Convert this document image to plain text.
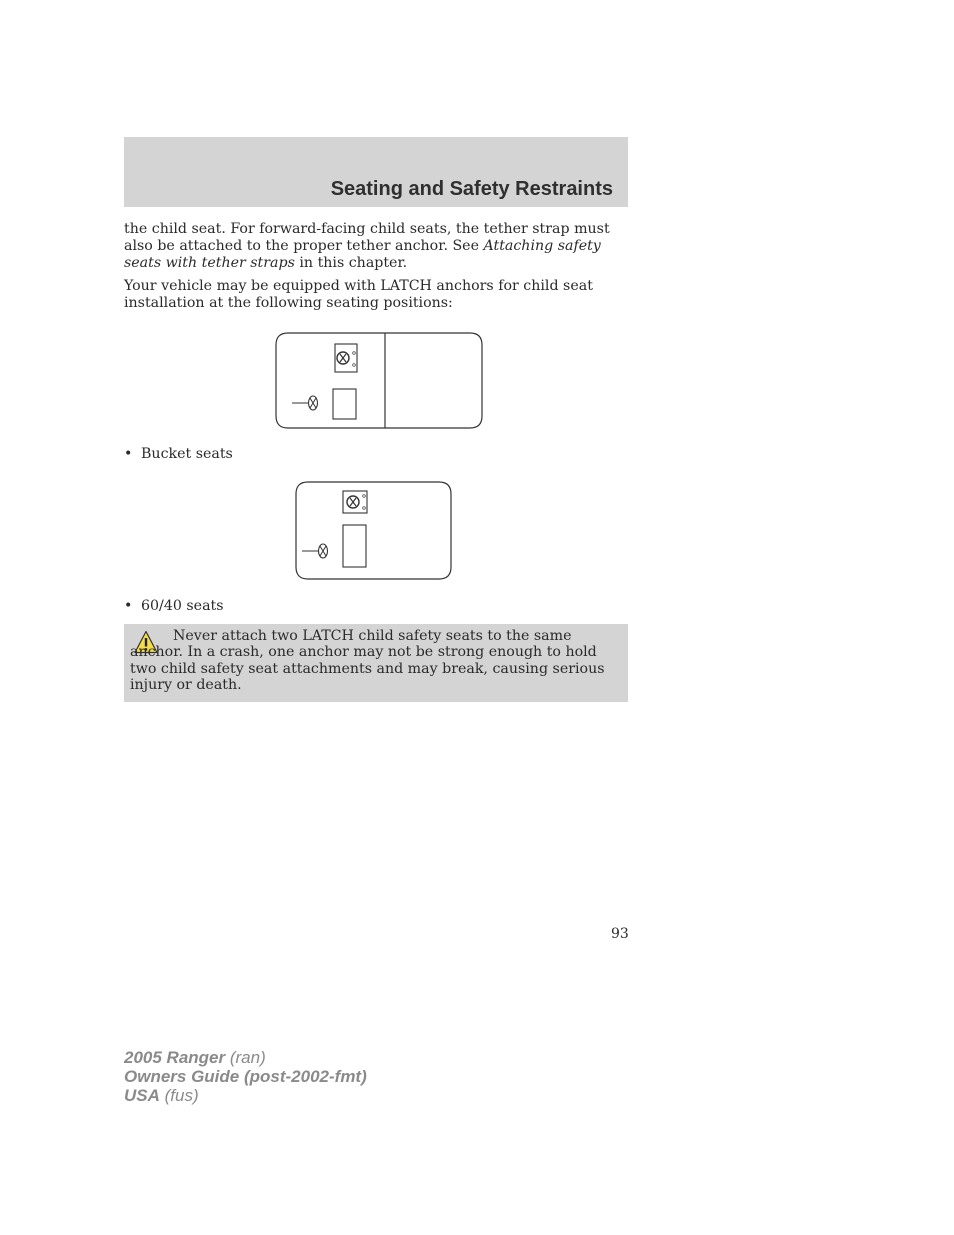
Seating and Safety Restraints

the child seat. For forward-facing child seats, the tether strap must also be attached to the proper tether anchor. See Attaching safety seats with tether straps in this chapter.

Your vehicle may be equipped with LATCH anchors for child seat installation at the following seating positions:

• Bucket seats
• 60/40 seats

Never attach two LATCH child safety seats to the same anchor. In a crash, one anchor may not be strong enough to hold two child safety seat attachments and may break, causing serious injury or death.

93
2005 Ranger (ran)
Owners Guide (post-2002-fmt)
USA (fus)
